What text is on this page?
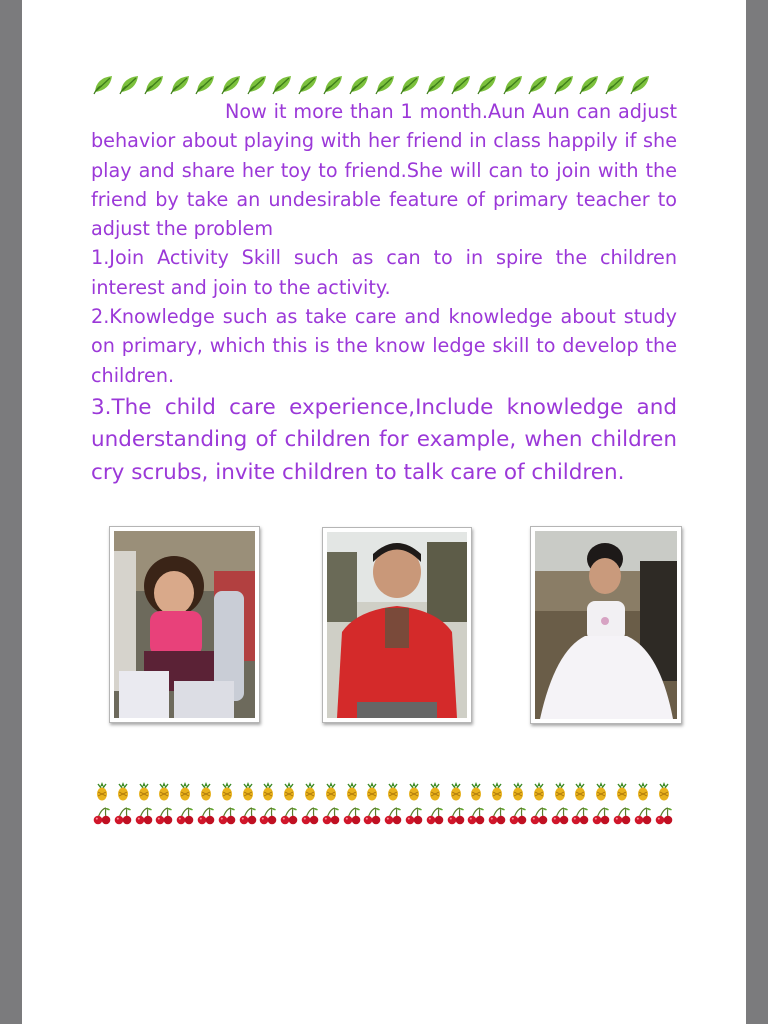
Now it more than 1 month.Aun Aun can adjust behavior about playing with her friend in class happily if she play and share her toy to friend.She will can to join with the friend by take an undesirable feature of primary teacher to adjust the problem

1.Join Activity Skill such as can to in spire the children interest and join to the activity.

2.Knowledge such as take care and knowledge about study on primary, which this is the know ledge skill to develop the children.

3.The child care experience,Include knowledge and understanding of children for example, when children cry scrubs, invite children to talk care of children.
